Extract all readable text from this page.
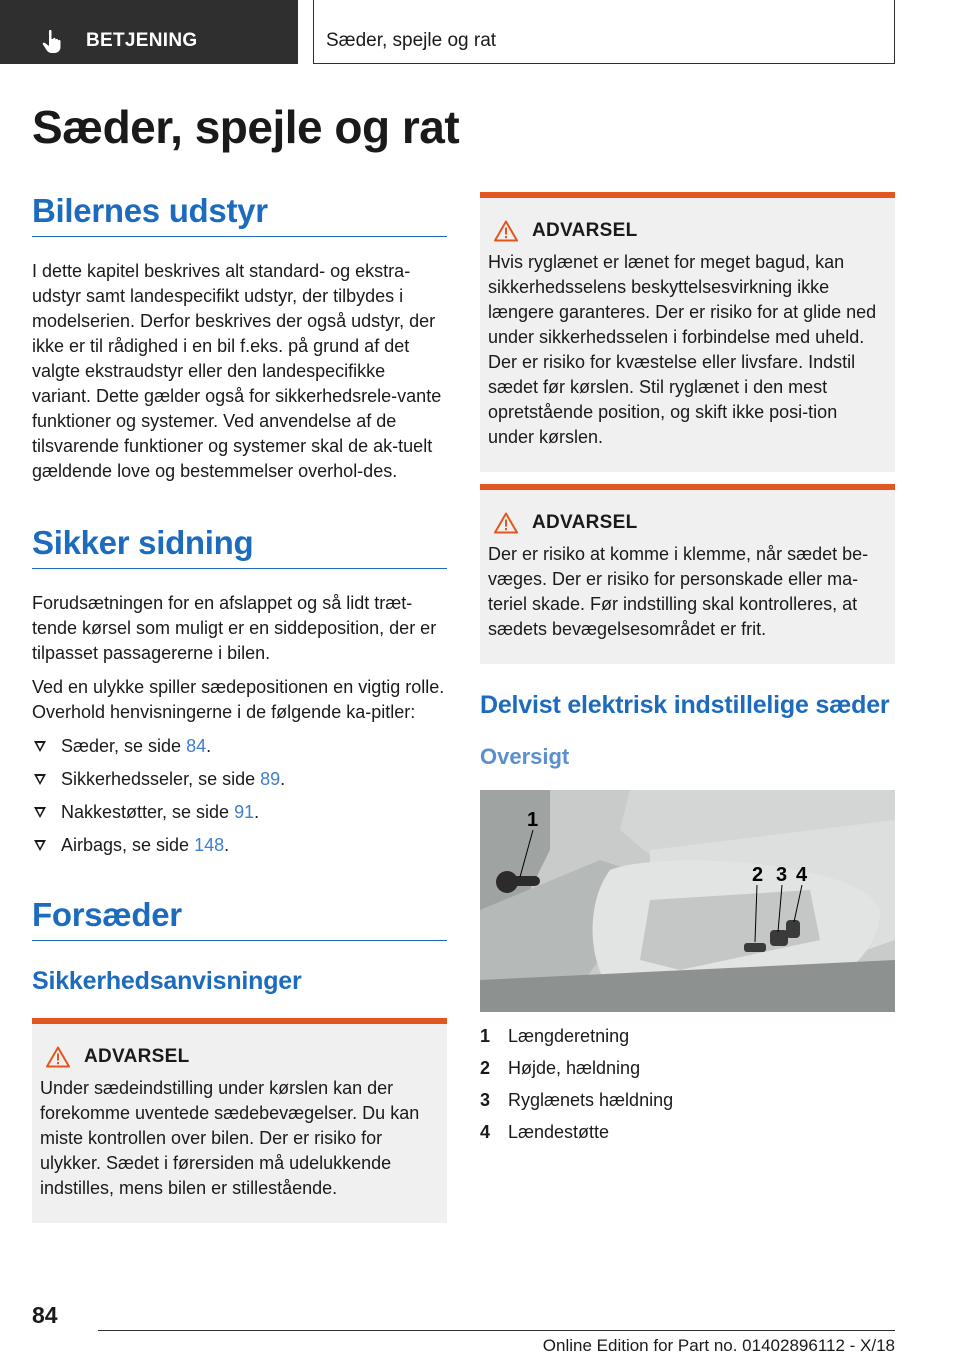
BETJENING	Sæder, spejle og rat
Sæder, spejle og rat
Bilernes udstyr

I dette kapitel beskrives alt standard- og ekstra-udstyr samt landespecifikt udstyr, der tilbydes i modelserien. Derfor beskrives der også udstyr, der ikke er til rådighed i en bil f.eks. på grund af det valgte ekstraudstyr eller den landespecifikke variant. Dette gælder også for sikkerhedsrele-vante funktioner og systemer. Ved anvendelse af de tilsvarende funktioner og systemer skal de ak-tuelt gældende love og bestemmelser overhol-des.

Sikker sidning

Forudsætningen for en afslappet og så lidt træt-tende kørsel som muligt er en siddeposition, der er tilpasset passagererne i bilen.

Ved en ulykke spiller sædepositionen en vigtig rolle. Overhold henvisningerne i de følgende ka-pitler:

Sæder, se side 84.
Sikkerhedsseler, se side 89.
Nakkestøtter, se side 91.
Airbags, se side 148.
Forsæder
Sikkerhedsanvisninger
ADVARSEL

Under sædeindstilling under kørslen kan der forekomme uventede sædebevægelser. Du kan miste kontrollen over bilen. Der er risiko for ulykker. Sædet i førersiden må udelukkende indstilles, mens bilen er stillestående.

ADVARSEL

Hvis ryglænet er lænet for meget bagud, kan sikkerhedsselens beskyttelsesvirkning ikke længere garanteres. Der er risiko for at glide ned under sikkerhedsselen i forbindelse med uheld. Der er risiko for kvæstelse eller livsfare. Indstil sædet før kørslen. Stil ryglænet i den mest opretstående position, og skift ikke posi-tion under kørslen.

ADVARSEL

Der er risiko at komme i klemme, når sædet be-væges. Der er risiko for personskade eller ma-teriel skade. Før indstilling skal kontrolleres, at sædets bevægelsesområdet er frit.

Delvist elektrisk indstillelige sæder
Oversigt
1
2 3 4
1 Længderetning
2 Højde, hældning
3 Ryglænets hældning
4 Lændestøtte
84
Online Edition for Part no. 01402896112 - X/18
